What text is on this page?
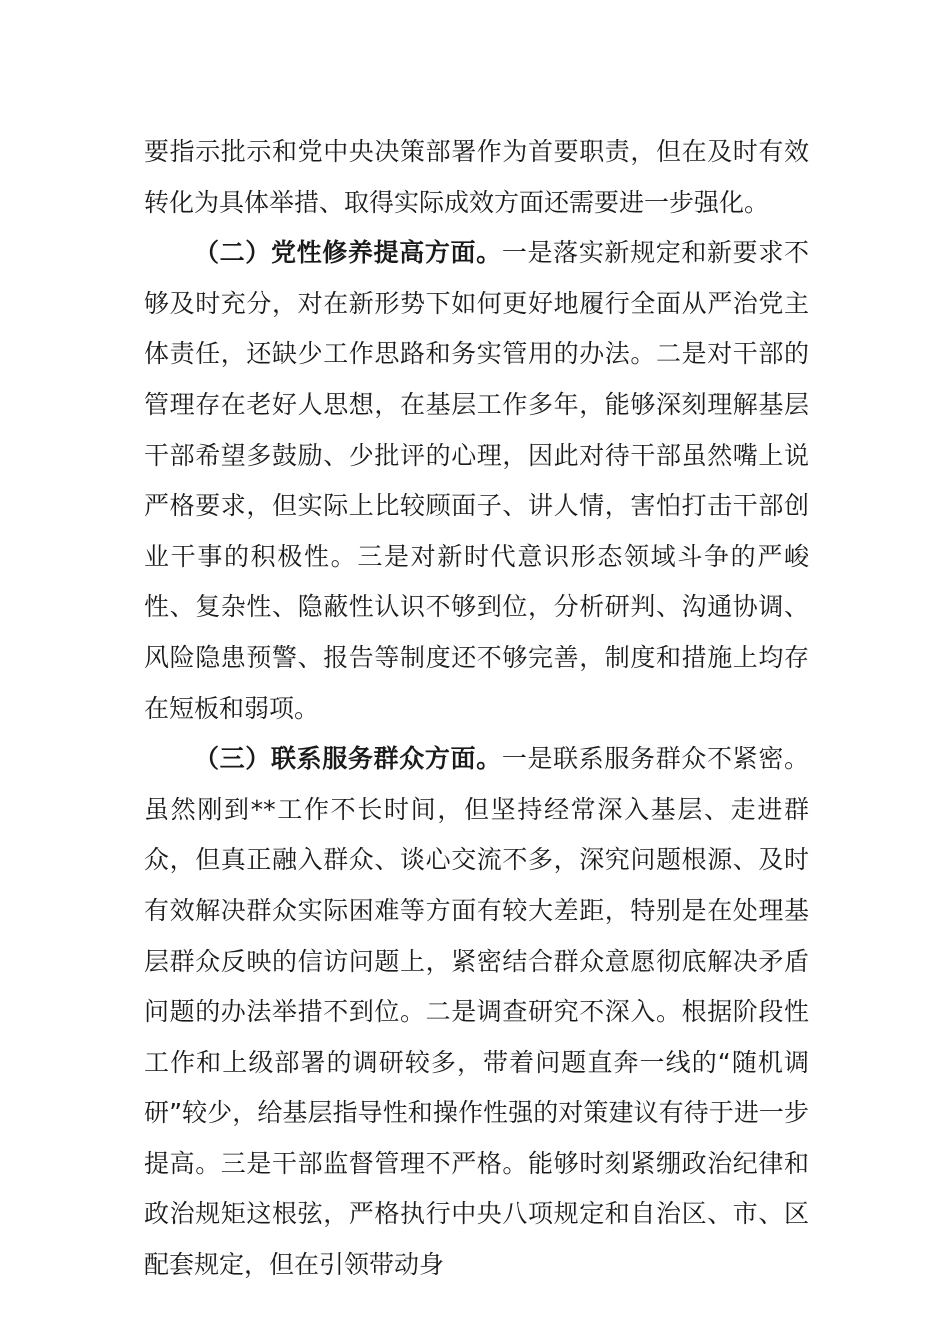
要指示批示和党中央决策部署作为首要职责，但在及时有效转化为具体举措、取得实际成效方面还需要进一步强化。

（二）党性修养提高方面。一是落实新规定和新要求不够及时充分，对在新形势下如何更好地履行全面从严治党主体责任，还缺少工作思路和务实管用的办法。二是对干部的管理存在老好人思想，在基层工作多年，能够深刻理解基层干部希望多鼓励、少批评的心理，因此对待干部虽然嘴上说严格要求，但实际上比较顾面子、讲人情，害怕打击干部创业干事的积极性。三是对新时代意识形态领域斗争的严峻性、复杂性、隐蔽性认识不够到位，分析研判、沟通协调、风险隐患预警、报告等制度还不够完善，制度和措施上均存在短板和弱项。

（三）联系服务群众方面。一是联系服务群众不紧密。虽然刚到**工作不长时间，但坚持经常深入基层、走进群众，但真正融入群众、谈心交流不多，深究问题根源、及时有效解决群众实际困难等方面有较大差距，特别是在处理基层群众反映的信访问题上，紧密结合群众意愿彻底解决矛盾问题的办法举措不到位。二是调查研究不深入。根据阶段性工作和上级部署的调研较多，带着问题直奔一线的“随机调研”较少，给基层指导性和操作性强的对策建议有待于进一步提高。三是干部监督管理不严格。能够时刻紧绷政治纪律和政治规矩这根弦，严格执行中央八项规定和自治区、市、区配套规定，但在引领带动身
